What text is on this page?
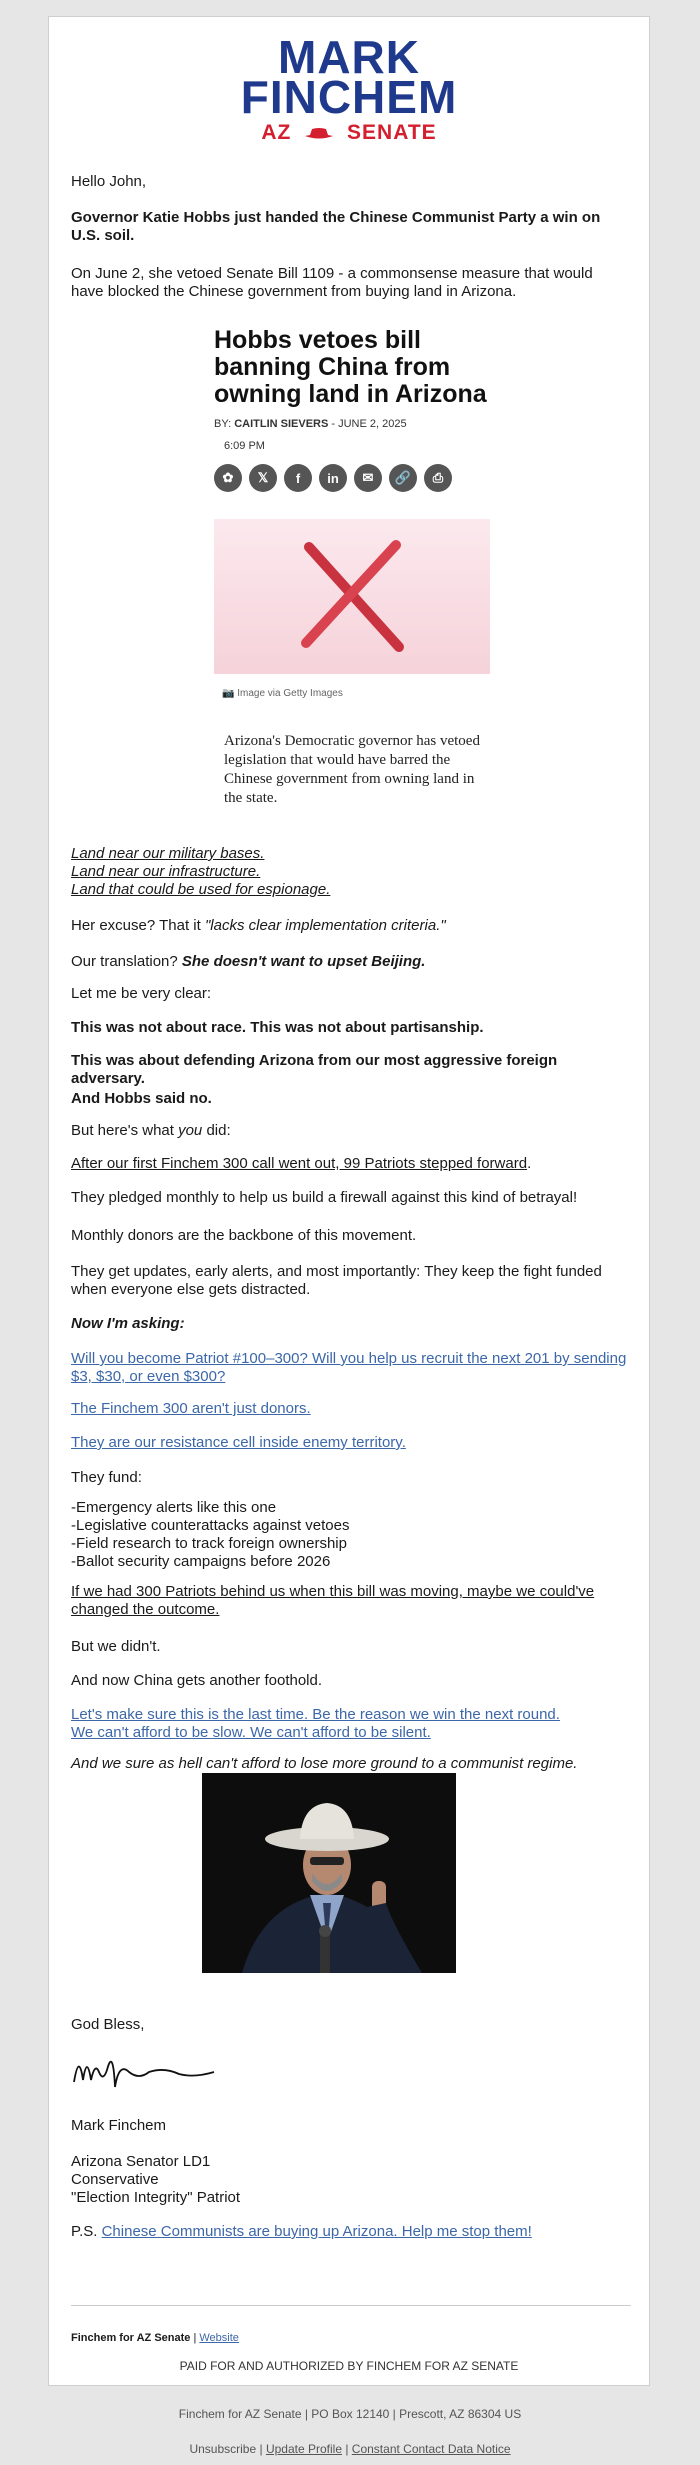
MARK
FINCHEM
AZ	SENATE

Hello John,

Governor Katie Hobbs just handed the Chinese Communist Party a win on U.S. soil.

On June 2, she vetoed Senate Bill 1109 - a commonsense measure that would have blocked the Chinese government from buying land in Arizona.

Hobbs vetoes bill banning China from owning land in Arizona
BY: CAITLIN SIEVERS - JUNE 2, 2025
6:09 PM
✿	𝕏	f	in	✉	🔗	⎙
📷 Image via Getty Images
Arizona's Democratic governor has vetoed legislation that would have barred the Chinese government from owning land in the state.
Land near our military bases.
Land near our infrastructure.
Land that could be used for espionage.

Her excuse? That it "lacks clear implementation criteria."

Our translation? She doesn't want to upset Beijing.

Let me be very clear:

This was not about race. This was not about partisanship.

This was about defending Arizona from our most aggressive foreign adversary.

And Hobbs said no.

But here's what you did:

After our first Finchem 300 call went out, 99 Patriots stepped forward.

They pledged monthly to help us build a firewall against this kind of betrayal!

Monthly donors are the backbone of this movement.

They get updates, early alerts, and most importantly: They keep the fight funded when everyone else gets distracted.

Now I'm asking:

Will you become Patriot #100–300? Will you help us recruit the next 201 by sending $3, $30, or even $300?
The Finchem 300 aren't just donors.
They are our resistance cell inside enemy territory.

They fund:

-Emergency alerts like this one
-Legislative counterattacks against vetoes
-Field research to track foreign ownership
-Ballot security campaigns before 2026

If we had 300 Patriots behind us when this bill was moving, maybe we could've changed the outcome.

But we didn't.

And now China gets another foothold.

Let's make sure this is the last time. Be the reason we win the next round.
We can't afford to be slow. We can't afford to be silent.

And we sure as hell can't afford to lose more ground to a communist regime.

God Bless,

Mark Finchem

Arizona Senator LD1
Conservative
"Election Integrity" Patriot

P.S. Chinese Communists are buying up Arizona. Help me stop them!

Finchem for AZ Senate | Website
PAID FOR AND AUTHORIZED BY FINCHEM FOR AZ SENATE
Finchem for AZ Senate | PO Box 12140 | Prescott, AZ 86304 US
Unsubscribe | Update Profile | Constant Contact Data Notice
